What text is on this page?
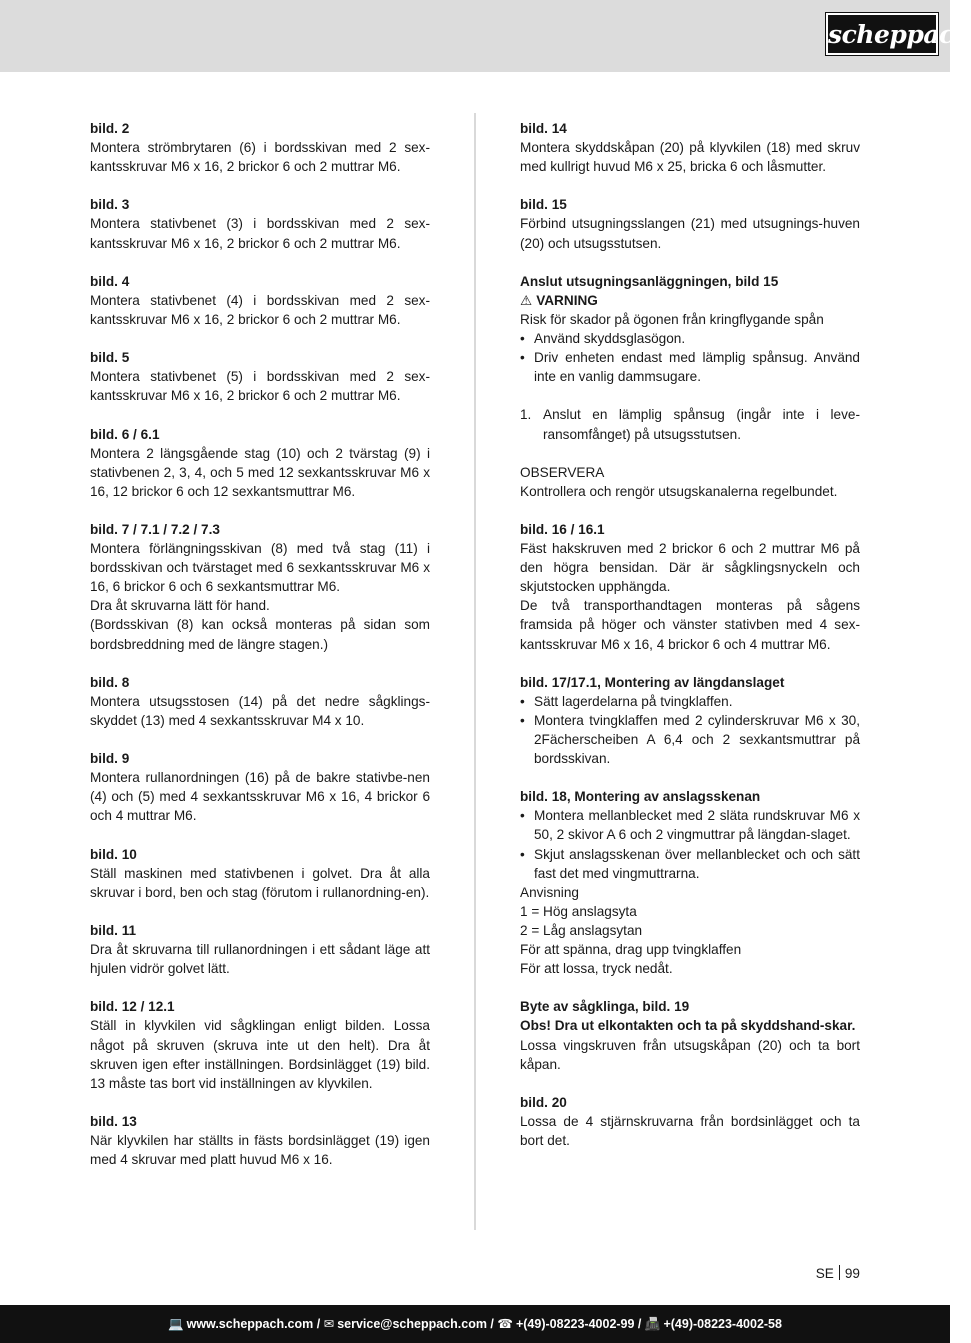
scheppach

bild. 2

Montera strömbrytaren (6) i bordsskivan med 2 sex-kantsskruvar M6 x 16, 2 brickor 6 och 2 muttrar M6.

bild. 3

Montera stativbenet (3) i bordsskivan med 2 sex-kantsskruvar M6 x 16, 2 brickor 6 och 2 muttrar M6.

bild. 4

Montera stativbenet (4) i bordsskivan med 2 sex-kantsskruvar M6 x 16, 2 brickor 6 och 2 muttrar M6.

bild. 5

Montera stativbenet (5) i bordsskivan med 2 sex-kantsskruvar M6 x 16, 2 brickor 6 och 2 muttrar M6.

bild. 6 / 6.1

Montera 2 längsgående stag (10) och 2 tvärstag (9) i stativbenen 2, 3, 4, och 5 med 12 sexkantsskruvar M6 x 16, 12 brickor 6 och 12 sexkantsmuttrar M6.

bild. 7 / 7.1 / 7.2 / 7.3

Montera förlängningsskivan (8) med två stag (11) i bordsskivan och tvärstaget med 6 sexkantsskruvar M6 x 16, 6 brickor 6 och 6 sexkantsmuttrar M6.

Dra åt skruvarna lätt för hand.

(Bordsskivan (8) kan också monteras på sidan som bordsbreddning med de längre stagen.)

bild. 8

Montera utsugsstosen (14) på det nedre sågklings-skyddet (13) med 4 sexkantsskruvar M4 x 10.

bild. 9

Montera rullanordningen (16) på de bakre stativbe-nen (4) och (5) med 4 sexkantsskruvar M6 x 16, 4 brickor 6 och 4 muttrar M6.

bild. 10

Ställ maskinen med stativbenen i golvet. Dra åt alla skruvar i bord, ben och stag (förutom i rullanordning-en).

bild. 11

Dra åt skruvarna till rullanordningen i ett sådant läge att hjulen vidrör golvet lätt.

bild. 12 / 12.1

Ställ in klyvkilen vid sågklingan enligt bilden. Lossa något på skruven (skruva inte ut den helt). Dra åt skruven igen efter inställningen. Bordsinlägget (19) bild. 13 måste tas bort vid inställningen av klyvkilen.

bild. 13

När klyvkilen har ställts in fästs bordsinlägget (19) igen med 4 skruvar med platt huvud M6 x 16.

bild. 14

Montera skyddskåpan (20) på klyvkilen (18) med skruv med kullrigt huvud M6 x 25, bricka 6 och låsmutter.

bild. 15

Förbind utsugningsslangen (21) med utsugnings-huven (20) och utsugsstutsen.

Anslut utsugningsanläggningen, bild 15

⚠ VARNING

Risk för skador på ögonen från kringflygande spån

• Använd skyddsglasögon.
• Driv enheten endast med lämplig spånsug. Använd inte en vanlig dammsugare.
1. Anslut en lämplig spånsug (ingår inte i leve-ransomfånget) på utsugsstutsen.

OBSERVERA

Kontrollera och rengör utsugskanalerna regelbundet.

bild. 16 / 16.1

Fäst hakskruven med 2 brickor 6 och 2 muttrar M6 på den högra bensidan. Där är sågklingsnyckeln och skjutstocken upphängda.

De två transporthandtagen monteras på sågens framsida på höger och vänster stativben med 4 sex-kantsskruvar M6 x 16, 4 brickor 6 och 4 muttrar M6.

bild. 17/17.1, Montering av längdanslaget

• Sätt lagerdelarna på tvingklaffen.
• Montera tvingklaffen med 2 cylinderskruvar M6 x 30, 2Fächerscheiben A 6,4 och 2 sexkantsmuttrar på bordsskivan.

bild. 18, Montering av anslagsskenan

• Montera mellanblecket med 2 släta rundskruvar M6 x 50, 2 skivor A 6 och 2 vingmuttrar på längdan-slaget.
• Skjut anslagsskenan över mellanblecket och och sätt fast det med vingmuttrarna.

Anvisning

1 = Hög anslagsyta

2 = Låg anslagsytan

För att spänna, drag upp tvingklaffen

För att lossa, tryck nedåt.

Byte av sågklinga, bild. 19

Obs! Dra ut elkontakten och ta på skyddshand-skar.

Lossa vingskruven från utsugskåpan (20) och ta bort kåpan.

bild. 20

Lossa de 4 stjärnskruvarna från bordsinlägget och ta bort det.

SE 99
💻 www.scheppach.com / ✉ service@scheppach.com / ☎ +(49)-08223-4002-99 / 📠 +(49)-08223-4002-58
